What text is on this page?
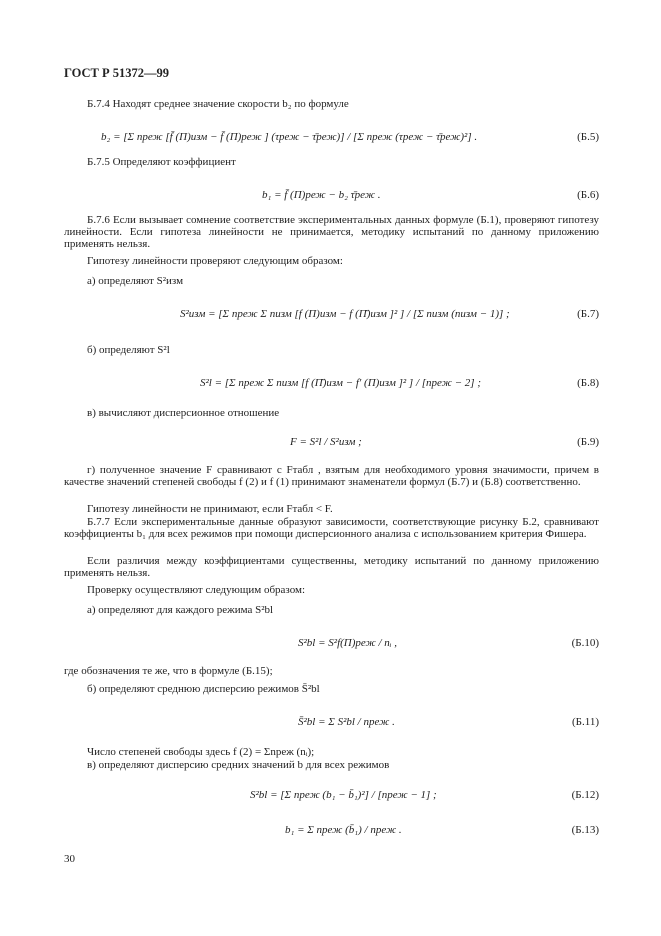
ГОСТ Р 51372—99
Б.7.4 Находят среднее значение скорости b₂ по формуле
b₂ = [Σ nреж [f̄ (П)изм − f̄ (П)реж ] (τреж − τ̄реж)] / [Σ nреж (τреж − τ̄реж)²] .	(Б.5)
Б.7.5 Определяют коэффициент
b₁ = f̄ (П)реж − b₂ τ̄реж .	(Б.6)
Б.7.6 Если вызывает сомнение соответствие экспериментальных данных формуле (Б.1), проверяют гипотезу линейности. Если гипотеза линейности не принимается, методику испытаний по данному приложению применять нельзя.
Гипотезу линейности проверяют следующим образом:
а) определяют S²изм
S²изм = [Σ nреж Σ nизм [f (П)изм − f (П̄)изм ]² ] / [Σ nизм (nизм − 1)] ;	(Б.7)
б) определяют S²l
S²l = [Σ nреж Σ nизм [f (П̄)изм − f′ (П)изм ]² ] / [nреж − 2] ;	(Б.8)
в) вычисляют дисперсионное отношение
F = S²l / S²изм ;	(Б.9)
г) полученное значение F сравнивают с Fтабл , взятым для необходимого уровня значимости, причем в качестве значений степеней свободы f (2) и f (1) принимают знаменатели формул (Б.7) и (Б.8) соответственно.
Гипотезу линейности не принимают, если Fтабл < F.
Б.7.7 Если экспериментальные данные образуют зависимости, соответствующие рисунку Б.2, сравнивают коэффициенты b₁ для всех режимов при помощи дисперсионного анализа с использованием критерия Фишера.
Если различия между коэффициентами существенны, методику испытаний по данному приложению применять нельзя.
Проверку осуществляют следующим образом:
а) определяют для каждого режима S²bl
S²bl = S²f(П)реж / nᵢ ,	(Б.10)
где обозначения те же, что в формуле (Б.15);
б) определяют среднюю дисперсию режимов S̄²bl
S̄²bl = Σ S²bl / nреж .	(Б.11)
Число степеней свободы здесь f (2) = Σnреж (nᵢ);
в) определяют дисперсию средних значений b для всех режимов
S²bl = [Σ nреж (b₁ − b̄₁)²] / [nреж − 1] ;	(Б.12)
b₁ = Σ nреж (b̄₁) / nреж .	(Б.13)
30
